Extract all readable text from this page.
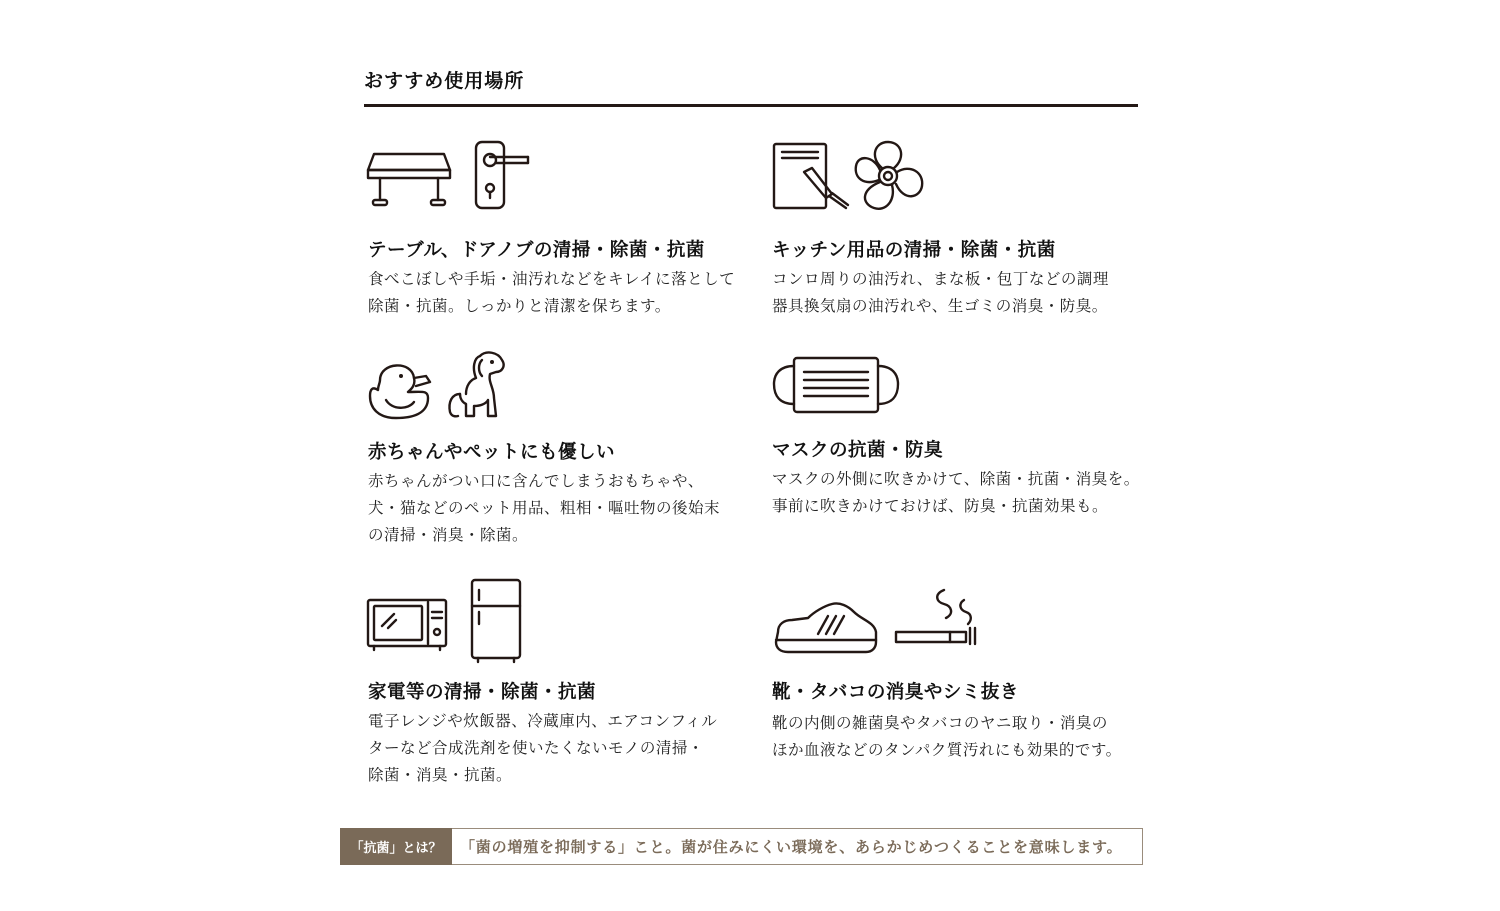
おすすめ使用場所
テーブル、ドアノブの清掃・除菌・抗菌

食べこぼしや手垢・油汚れなどをキレイに落として
除菌・抗菌。しっかりと清潔を保ちます。

キッチン用品の清掃・除菌・抗菌

コンロ周りの油汚れ、まな板・包丁などの調理
器具換気扇の油汚れや、生ゴミの消臭・防臭。

赤ちゃんやペットにも優しい

赤ちゃんがつい口に含んでしまうおもちゃや、
犬・猫などのペット用品、粗相・嘔吐物の後始末
の清掃・消臭・除菌。

マスクの抗菌・防臭

マスクの外側に吹きかけて、除菌・抗菌・消臭を。
事前に吹きかけておけば、防臭・抗菌効果も。

家電等の清掃・除菌・抗菌

電子レンジや炊飯器、冷蔵庫内、エアコンフィル
ターなど合成洗剤を使いたくないモノの清掃・
除菌・消臭・抗菌。

靴・タバコの消臭やシミ抜き

靴の内側の雑菌臭やタバコのヤニ取り・消臭の
ほか血液などのタンパク質汚れにも効果的です。

「抗菌」とは？	「菌の増殖を抑制する」こと。菌が住みにくい環境を、あらかじめつくることを意味します。
